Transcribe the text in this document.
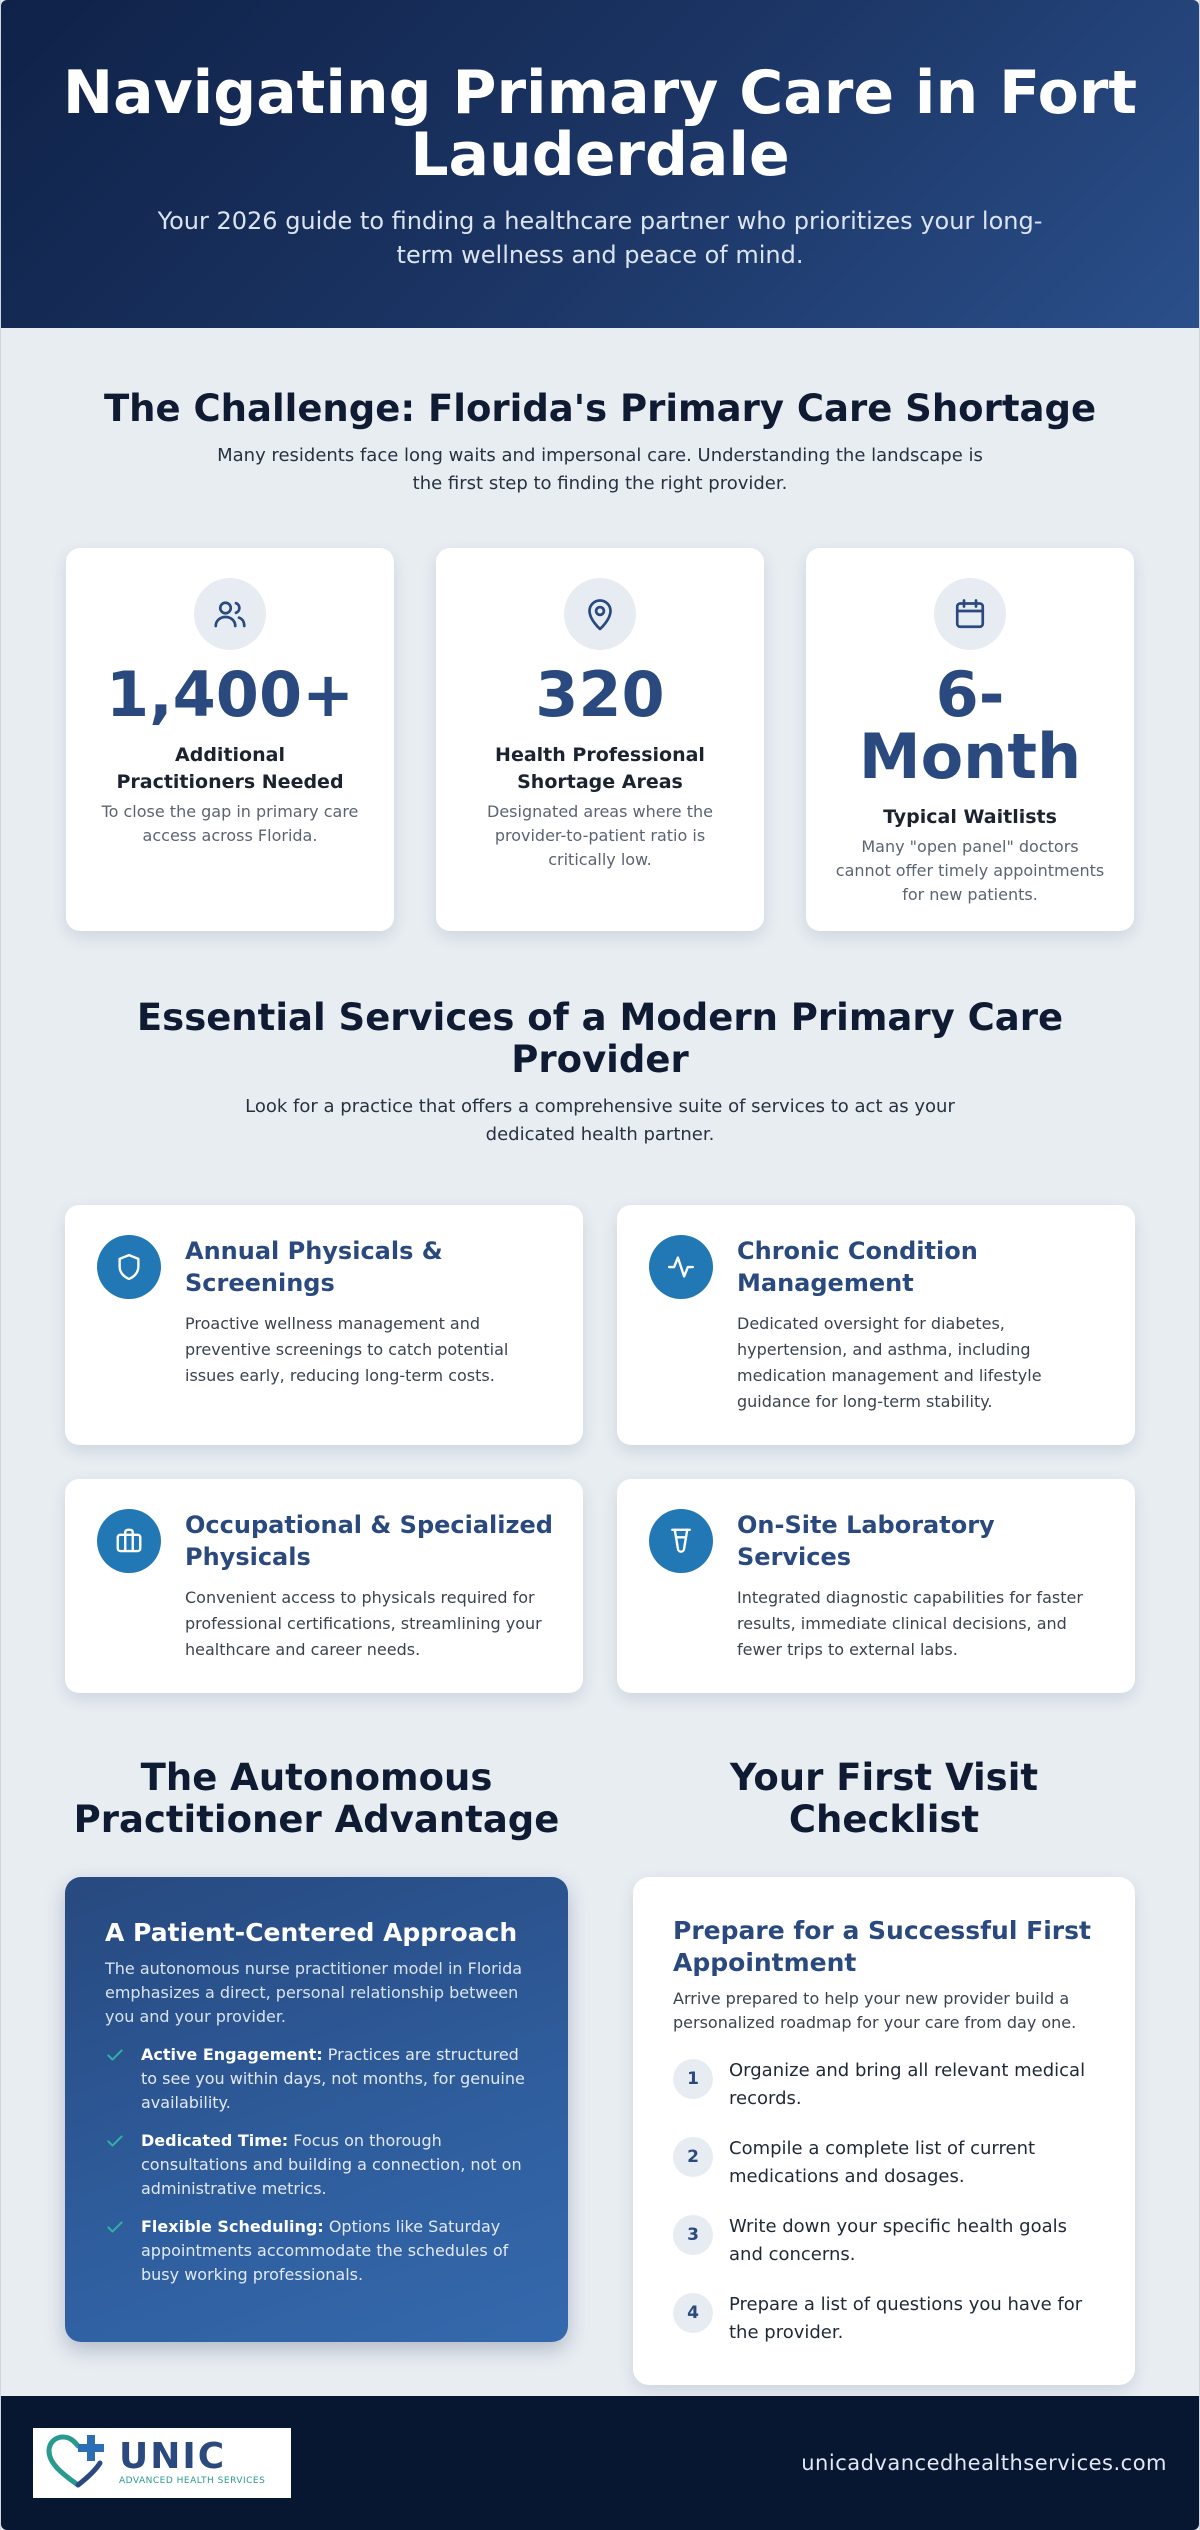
Navigating Primary Care in Fort Lauderdale

Your 2026 guide to finding a healthcare partner who prioritizes your long-term wellness and peace of mind.

The Challenge: Florida's Primary Care Shortage

Many residents face long waits and impersonal care. Understanding the landscape is the first step to finding the right provider.

1,400+
Additional Practitioners Needed
To close the gap in primary care access across Florida.
320
Health Professional Shortage Areas
Designated areas where the provider-to-patient ratio is critically low.
6-Month
Typical Waitlists
Many "open panel" doctors cannot offer timely appointments for new patients.
Essential Services of a Modern Primary Care Provider

Look for a practice that offers a comprehensive suite of services to act as your dedicated health partner.

Annual Physicals & Screenings
Proactive wellness management and preventive screenings to catch potential issues early, reducing long-term costs.
Chronic Condition Management
Dedicated oversight for diabetes, hypertension, and asthma, including medication management and lifestyle guidance for long-term stability.
Occupational & Specialized Physicals
Convenient access to physicals required for professional certifications, streamlining your healthcare and career needs.
On-Site Laboratory Services
Integrated diagnostic capabilities for faster results, immediate clinical decisions, and fewer trips to external labs.
The Autonomous Practitioner Advantage
A Patient-Centered Approach
The autonomous nurse practitioner model in Florida emphasizes a direct, personal relationship between you and your provider.
Active Engagement: Practices are structured to see you within days, not months, for genuine availability.
Dedicated Time: Focus on thorough consultations and building a connection, not on administrative metrics.
Flexible Scheduling: Options like Saturday appointments accommodate the schedules of busy working professionals.
Your First Visit Checklist
Prepare for a Successful First Appointment
Arrive prepared to help your new provider build a personalized roadmap for your care from day one.
1	Organize and bring all relevant medical records.
2	Compile a complete list of current medications and dosages.
3	Write down your specific health goals and concerns.
4	Prepare a list of questions you have for the provider.
UNIC
ADVANCED HEALTH SERVICES
unicadvancedhealthservices.com
